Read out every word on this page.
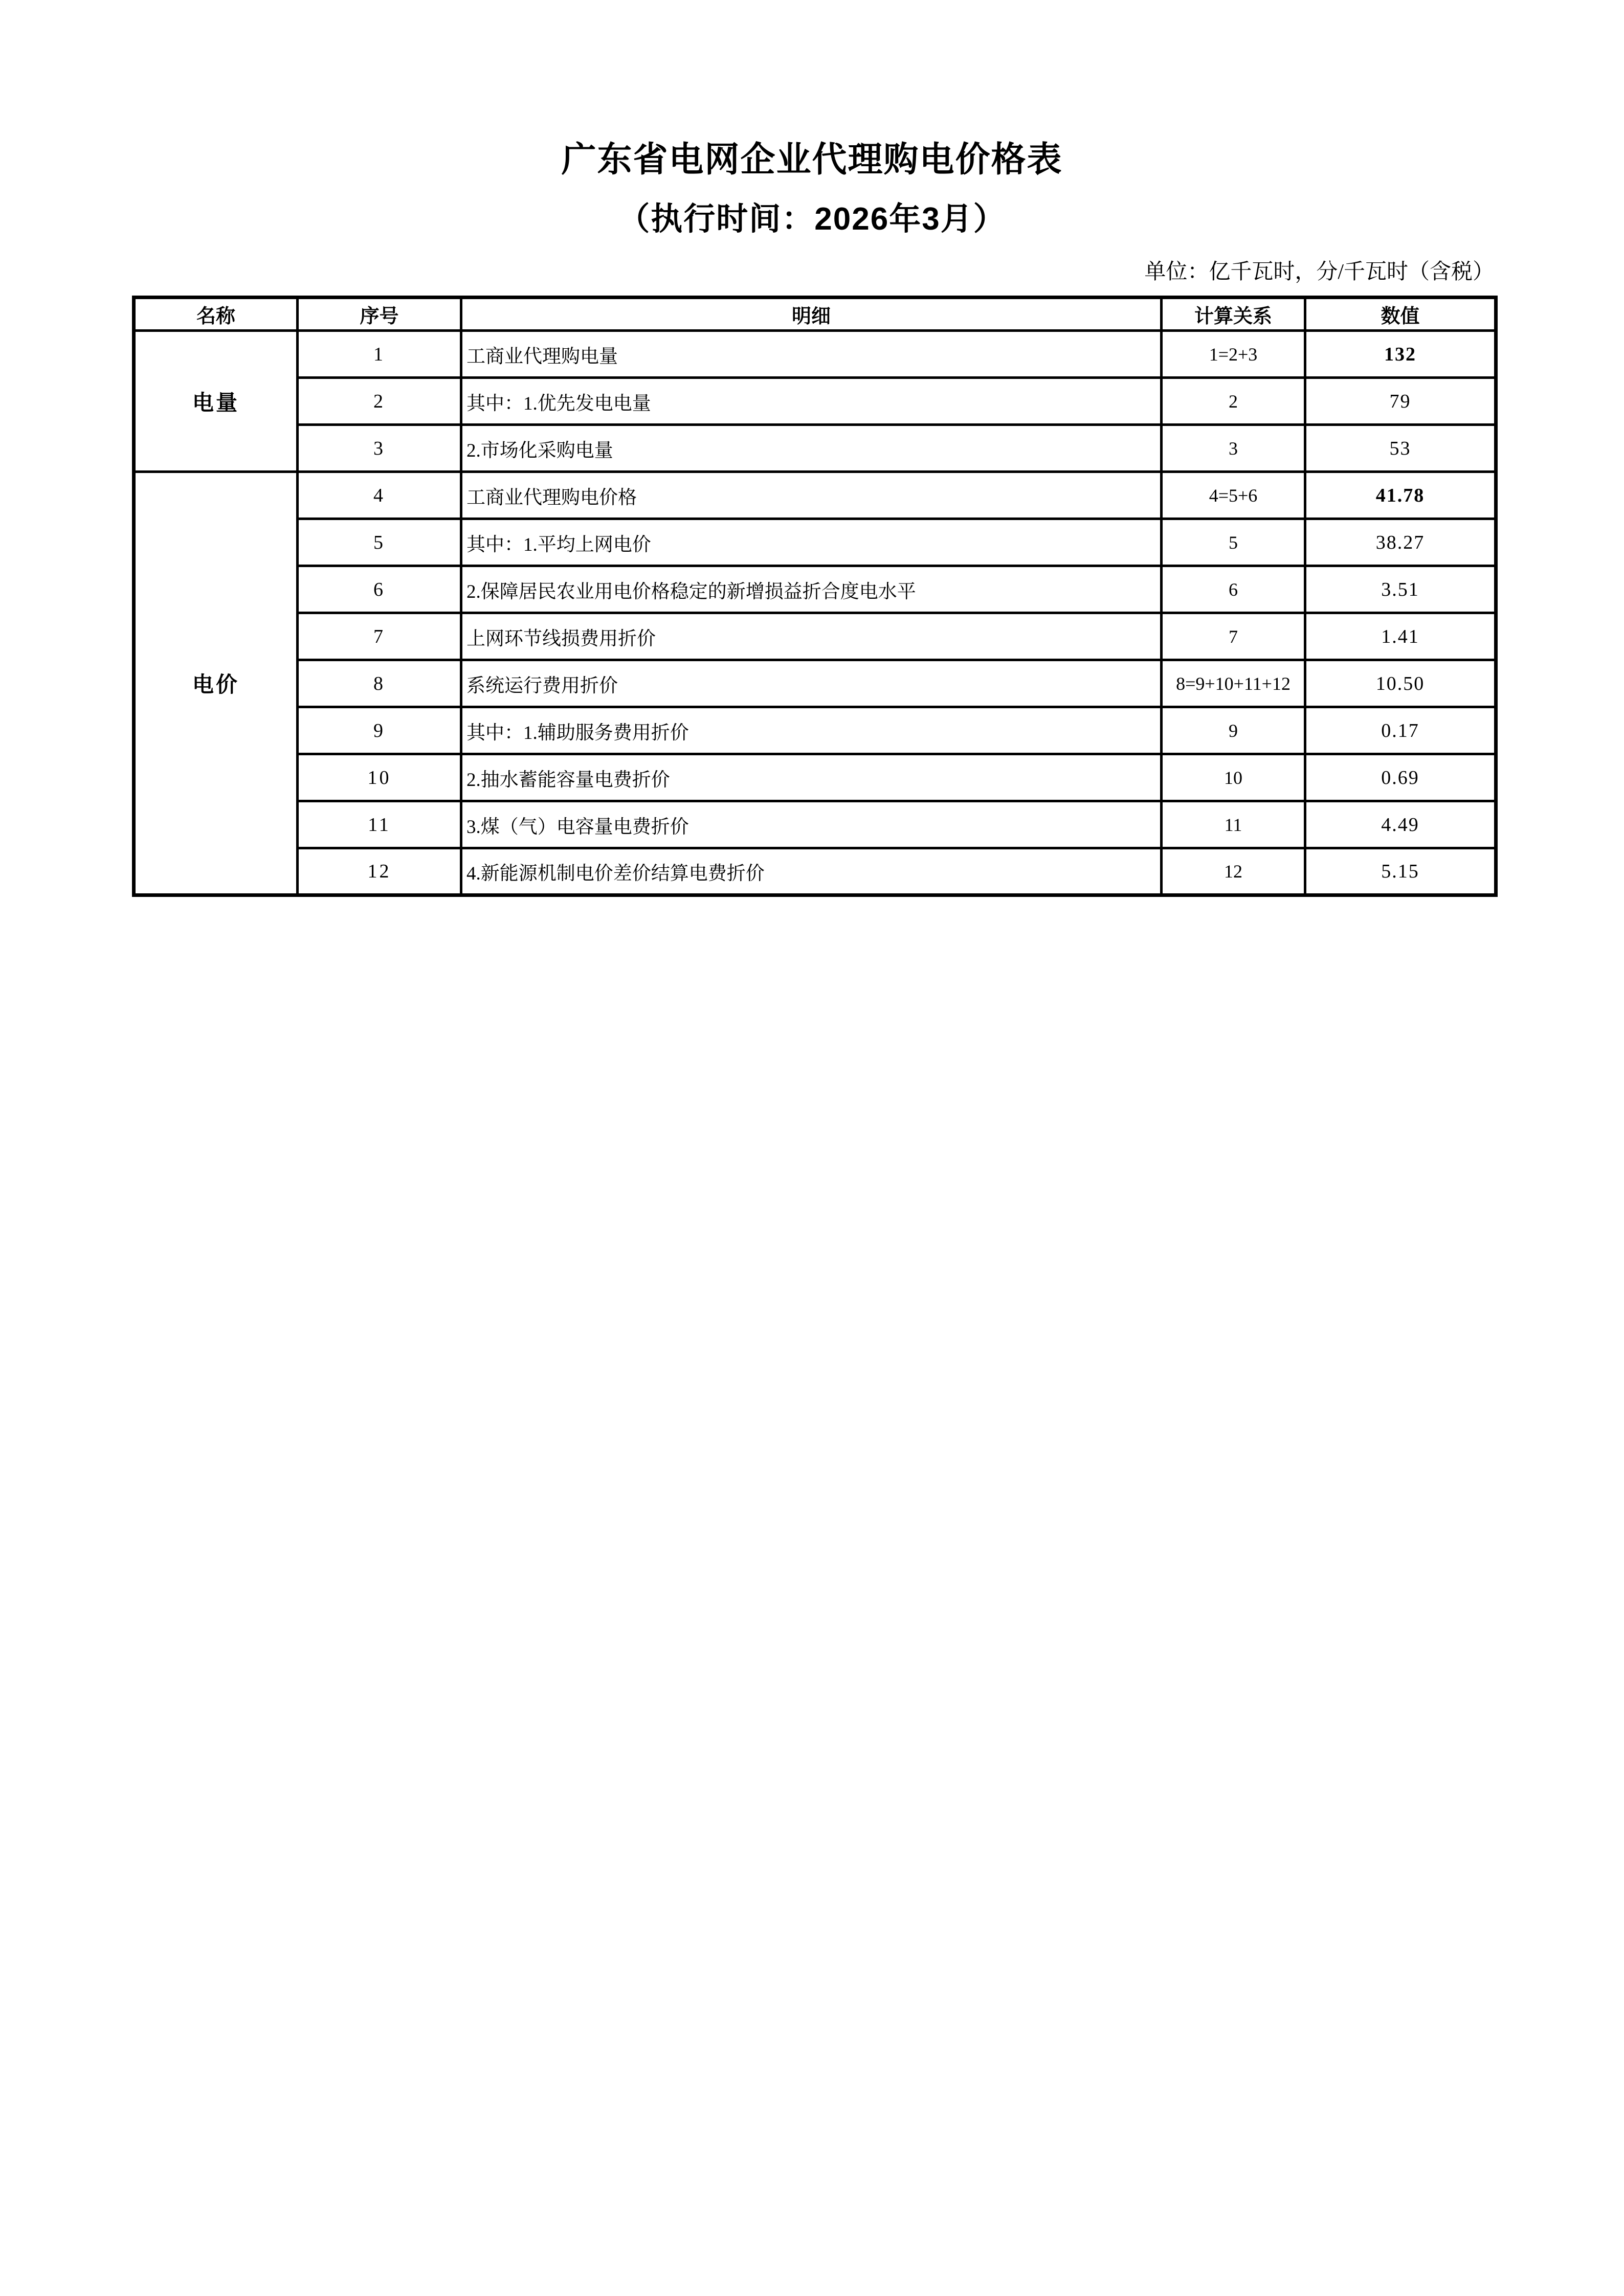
广东省电网企业代理购电价格表
（执行时间：2026年3月）
单位：亿千瓦时，分/千瓦时（含税）
名称	序号	明细	计算关系	数值
电量	1	工商业代理购电量	1=2+3	132
	2	其中：1.优先发电电量	2	79
	3	2.市场化采购电量	3	53
电价	4	工商业代理购电价格	4=5+6	41.78
	5	其中：1.平均上网电价	5	38.27
	6	2.保障居民农业用电价格稳定的新增损益折合度电水平	6	3.51
	7	上网环节线损费用折价	7	1.41
	8	系统运行费用折价	8=9+10+11+12	10.50
	9	其中：1.辅助服务费用折价	9	0.17
	10	2.抽水蓄能容量电费折价	10	0.69
	11	3.煤（气）电容量电费折价	11	4.49
	12	4.新能源机制电价差价结算电费折价	12	5.15
